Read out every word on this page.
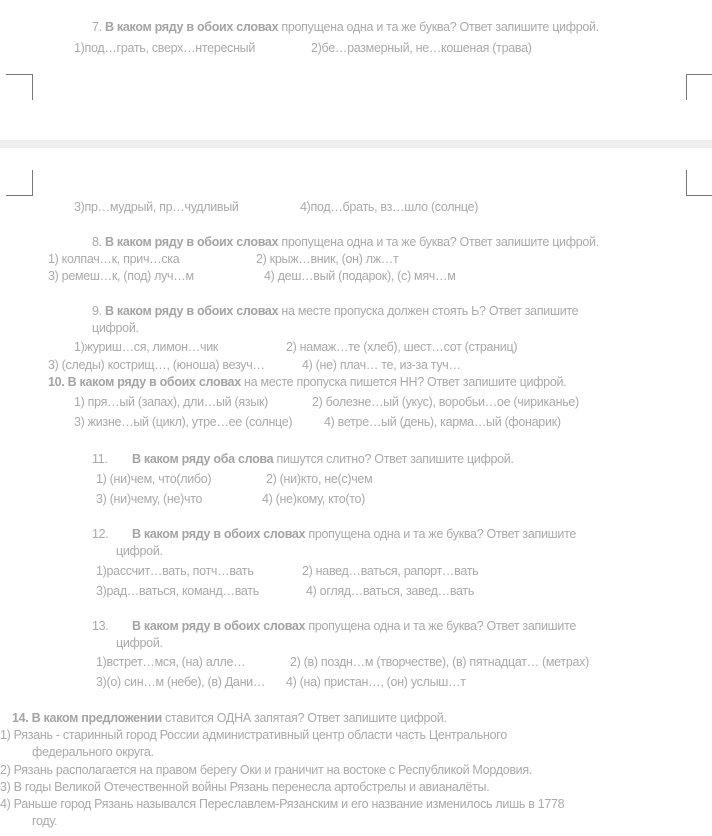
7. В каком ряду в обоих словах пропущена одна и та же буква? Ответ запишите цифрой.
1)под…грать, сверх…нтересный	2)бе…размерный, не…кошеная (трава)
3)пр…мудрый, пр…чудливый	4)под…брать, вз…шло (солнце)
8. В каком ряду в обоих словах пропущена одна и та же буква? Ответ запишите цифрой.
1) колпач…к, прич…ска	2) крыж…вник, (он) лж…т
3) ремеш…к, (под) луч…м	4) деш…вый (подарок), (с) мяч…м
9. В каком ряду в обоих словах на месте пропуска должен стоять Ь? Ответ запишите
цифрой.
1)журиш…ся, лимон…чик	2) намаж…те (хлеб), шест…сот (страниц)
3) (следы) кострищ…, (юноша) везуч…	4) (не) плач… те, из-за туч…
10. В каком ряду в обоих словах на месте пропуска пишется НН? Ответ запишите цифрой.
1) пря…ый (запах), дли…ый (язык)	2) болезне…ый (укус), воробьи…ое (чириканье)
3) жизне…ый (цикл), утре…ее (солнце)	4) ветре…ый (день), карма…ый (фонарик)
11. В каком ряду оба слова пишутся слитно? Ответ запишите цифрой.
1) (ни)чем, что(либо)	2) (ни)кто, не(с)чем
3) (ни)чему, (не)что	4) (не)кому, кто(то)
12. В каком ряду в обоих словах пропущена одна и та же буква? Ответ запишите
цифрой.
1)рассчит…вать, потч…вать	2) навед…ваться, рапорт…вать
3)рад…ваться, команд…вать	4) огляд…ваться, завед…вать
13. В каком ряду в обоих словах пропущена одна и та же буква? Ответ запишите
цифрой.
1)встрет…мся, (на) алле…	2) (в) поздн…м (творчестве), (в) пятнадцат… (метрах)
3)(о) син…м (небе), (в) Дани… 4) (на) пристан…, (он) услыш…т
14. В каком предложении ставится ОДНА запятая? Ответ запишите цифрой.
1) Рязань - старинный город России административный центр области часть Центрального
федерального округа.
2) Рязань располагается на правом берегу Оки и граничит на востоке с Республикой Мордовия.
3) В годы Великой Отечественной войны Рязань перенесла артобстрелы и авианалёты.
4) Раньше город Рязань назывался Переславлем-Рязанским и его название изменилось лишь в 1778
году.
